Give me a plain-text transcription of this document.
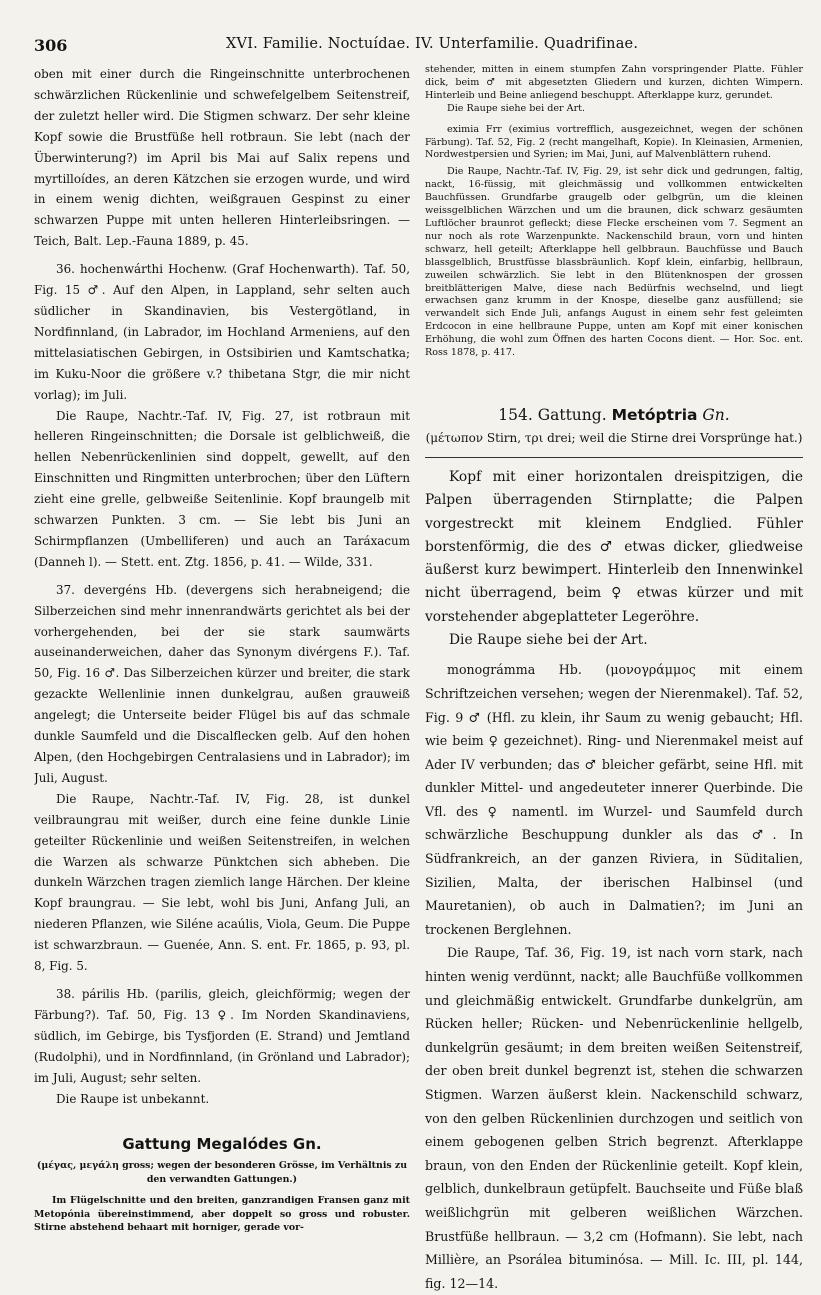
306	XVI. Familie. Noctuídae. IV. Unterfamilie. Quadrifinae.

oben mit einer durch die Ringeinschnitte unterbrochenen schwärzlichen Rückenlinie und schwefelgelbem Seitenstreif, der zuletzt heller wird. Die Stigmen schwarz. Der sehr kleine Kopf sowie die Brustfüße hell rotbraun. Sie lebt (nach der Überwinterung?) im April bis Mai auf Salix repens und myrtilloídes, an deren Kätzchen sie erzogen wurde, und wird in einem wenig dichten, weißgrauen Gespinst zu einer schwarzen Puppe mit unten helleren Hinterleibsringen. — Teich, Balt. Lep.-Fauna 1889, p. 45.

36. hochenwárthi Hochenw. (Graf Hochenwarth). Taf. 50, Fig. 15 ♂. Auf den Alpen, in Lappland, sehr selten auch südlicher in Skandinavien, bis Vestergötland, in Nordfinnland, (in Labrador, im Hochland Armeniens, auf den mittelasiatischen Gebirgen, in Ostsibirien und Kamtschatka; im Kuku-Noor die größere v.? thibetana Stgr, die mir nicht vorlag); im Juli.

Die Raupe, Nachtr.-Taf. IV, Fig. 27, ist rotbraun mit helleren Ringeinschnitten; die Dorsale ist gelblichweiß, die hellen Nebenrückenlinien sind doppelt, gewellt, auf den Einschnitten und Ringmitten unterbrochen; über den Lüftern zieht eine grelle, gelbweiße Seitenlinie. Kopf braungelb mit schwarzen Punkten. 3 cm. — Sie lebt bis Juni an Schirmpflanzen (Umbelliferen) und auch an Taráxacum (Danneh l). — Stett. ent. Ztg. 1856, p. 41. — Wilde, 331.

37. devergéns Hb. (devergens sich herabneigend; die Silberzeichen sind mehr innenrandwärts gerichtet als bei der vorhergehenden, bei der sie stark saumwärts auseinanderweichen, daher das Synonym divérgens F.). Taf. 50, Fig. 16 ♂. Das Silberzeichen kürzer und breiter, die stark gezackte Wellenlinie innen dunkelgrau, außen grauweiß angelegt; die Unterseite beider Flügel bis auf das schmale dunkle Saumfeld und die Discalflecken gelb. Auf den hohen Alpen, (den Hochgebirgen Centralasiens und in Labrador); im Juli, August.

Die Raupe, Nachtr.-Taf. IV, Fig. 28, ist dunkel veilbraungrau mit weißer, durch eine feine dunkle Linie geteilter Rückenlinie und weißen Seitenstreifen, in welchen die Warzen als schwarze Pünktchen sich abheben. Die dunkeln Wärzchen tragen ziemlich lange Härchen. Der kleine Kopf braungrau. — Sie lebt, wohl bis Juni, Anfang Juli, an niederen Pflanzen, wie Siléne acaúlis, Viola, Geum. Die Puppe ist schwarzbraun. — Guenée, Ann. S. ent. Fr. 1865, p. 93, pl. 8, Fig. 5.

38. párilis Hb. (parilis, gleich, gleichförmig; wegen der Färbung?). Taf. 50, Fig. 13 ♀. Im Norden Skandinaviens, südlich, im Gebirge, bis Tysfjorden (E. Strand) und Jemtland (Rudolphi), und in Nordfinnland, (in Grönland und Labrador); im Juli, August; sehr selten.

Die Raupe ist unbekannt.

Gattung Megalódes Gn.

(μέγας, μεγάλη gross; wegen der besonderen Grösse, im Verhältnis zu den verwandten Gattungen.)

Im Flügelschnitte und den breiten, ganzrandigen Fransen ganz mit Metopónia übereinstimmend, aber doppelt so gross und robuster. Stirne abstehend behaart mit horniger, gerade vor-

stehender, mitten in einem stumpfen Zahn vorspringender Platte. Fühler dick, beim ♂ mit abgesetzten Gliedern und kurzen, dichten Wimpern. Hinterleib und Beine anliegend beschuppt. Afterklappe kurz, gerundet.

Die Raupe siehe bei der Art.

eximia Frr (eximius vortrefflich, ausgezeichnet, wegen der schönen Färbung). Taf. 52, Fig. 2 (recht mangelhaft, Kopie). In Kleinasien, Armenien, Nordwestpersien und Syrien; im Mai, Juni, auf Malvenblättern ruhend.

Die Raupe, Nachtr.-Taf. IV, Fig. 29, ist sehr dick und gedrungen, faltig, nackt, 16-füssig, mit gleichmässig und vollkommen entwickelten Bauchfüssen. Grundfarbe graugelb oder gelbgrün, um die kleinen weissgelblichen Wärzchen und um die braunen, dick schwarz gesäumten Luftlöcher braunrot gefleckt; diese Flecke erscheinen vom 7. Segment an nur noch als rote Warzenpunkte. Nackenschild braun, vorn und hinten schwarz, hell geteilt; Afterklappe hell gelbbraun. Bauchfüsse und Bauch blassgelblich, Brustfüsse blassbräunlich. Kopf klein, einfarbig, hellbraun, zuweilen schwärzlich. Sie lebt in den Blütenknospen der grossen breitblätterigen Malve, diese nach Bedürfnis wechselnd, und liegt erwachsen ganz krumm in der Knospe, dieselbe ganz ausfüllend; sie verwandelt sich Ende Juli, anfangs August in einem sehr fest geleimten Erdcocon in eine hellbraune Puppe, unten am Kopf mit einer konischen Erhöhung, die wohl zum Öffnen des harten Cocons dient. — Hor. Soc. ent. Ross 1878, p. 417.

154. Gattung. Metóptria Gn.

(μέτωπον Stirn, τρι drei; weil die Stirne drei Vorsprünge hat.)

Kopf mit einer horizontalen dreispitzigen, die Palpen überragenden Stirnplatte; die Palpen vorgestreckt mit kleinem Endglied. Fühler borstenförmig, die des ♂ etwas dicker, gliedweise äußerst kurz bewimpert. Hinterleib den Innenwinkel nicht überragend, beim ♀ etwas kürzer und mit vorstehender abgeplatteter Legeröhre.

Die Raupe siehe bei der Art.

monográmma Hb. (μονογράμμος mit einem Schriftzeichen versehen; wegen der Nierenmakel). Taf. 52, Fig. 9 ♂ (Hfl. zu klein, ihr Saum zu wenig gebaucht; Hfl. wie beim ♀ gezeichnet). Ring- und Nierenmakel meist auf Ader IV verbunden; das ♂ bleicher gefärbt, seine Hfl. mit dunkler Mittel- und angedeuteter innerer Querbinde. Die Vfl. des ♀ namentl. im Wurzel- und Saumfeld durch schwärzliche Beschuppung dunkler als das ♂. In Südfrankreich, an der ganzen Riviera, in Süditalien, Sizilien, Malta, der iberischen Halbinsel (und Mauretanien), ob auch in Dalmatien?; im Juni an trockenen Berglehnen.

Die Raupe, Taf. 36, Fig. 19, ist nach vorn stark, nach hinten wenig verdünnt, nackt; alle Bauchfüße vollkommen und gleichmäßig entwickelt. Grundfarbe dunkelgrün, am Rücken heller; Rücken- und Nebenrückenlinie hellgelb, dunkelgrün gesäumt; in dem breiten weißen Seitenstreif, der oben breit dunkel begrenzt ist, stehen die schwarzen Stigmen. Warzen äußerst klein. Nackenschild schwarz, von den gelben Rückenlinien durchzogen und seitlich von einem gebogenen gelben Strich begrenzt. Afterklappe braun, von den Enden der Rückenlinie geteilt. Kopf klein, gelblich, dunkelbraun getüpfelt. Bauchseite und Füße blaß weißlichgrün mit gelberen weißlichen Wärzchen. Brustfüße hellbraun. — 3,2 cm (Hofmann). Sie lebt, nach Millière, an Psorálea bituminósa. — Mill. Ic. III, pl. 144, fig. 12—14.
